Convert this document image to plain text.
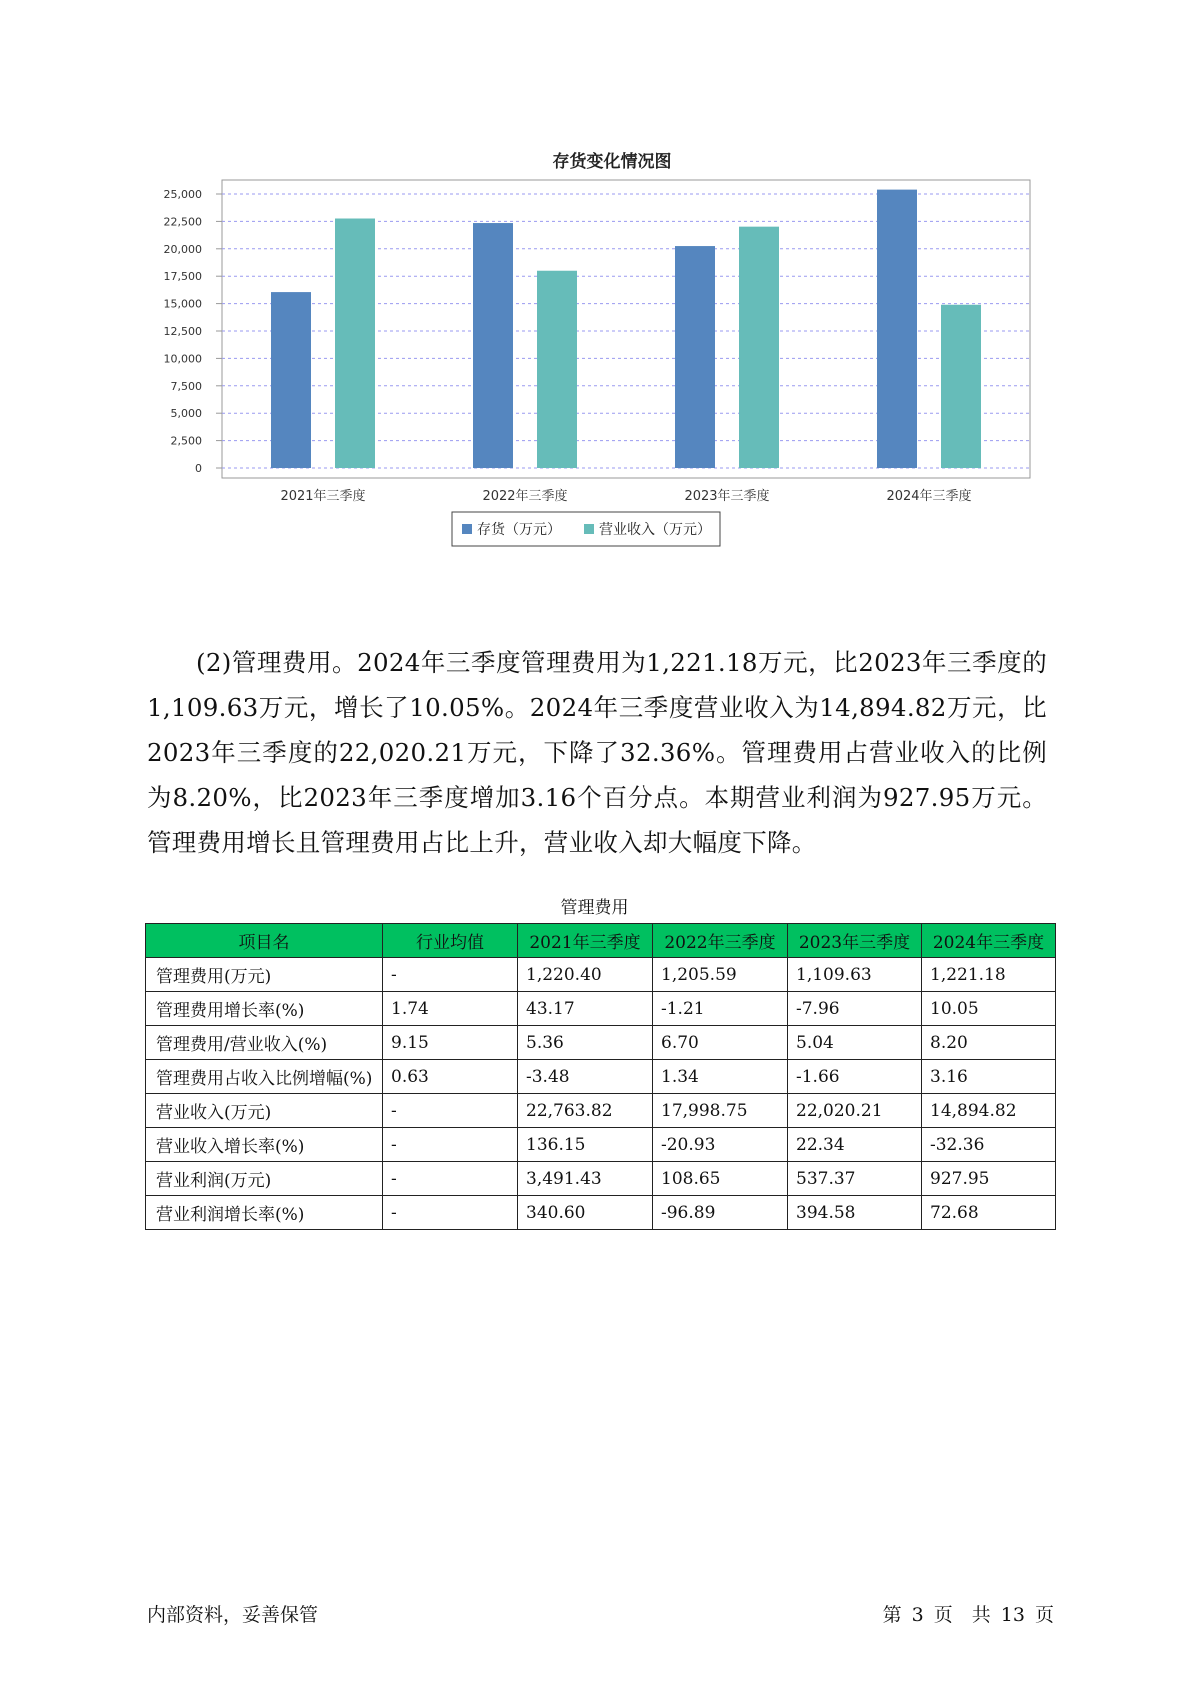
存货变化情况图
0
2,500
5,000
7,500
10,000
12,500
15,000
17,500
20,000
22,500
25,000
2021年三季度	2022年三季度	2023年三季度	2024年三季度
存货（万元）	营业收入（万元）

(2)管理费用。2024年三季度管理费用为1,221.18万元，比2023年三季度的1,109.63万元，增长了10.05%。2024年三季度营业收入为14,894.82万元，比2023年三季度的22,020.21万元，下降了32.36%。管理费用占营业收入的比例为8.20%，比2023年三季度增加3.16个百分点。本期营业利润为927.95万元。管理费用增长且管理费用占比上升，营业收入却大幅度下降。

管理费用
项目名	行业均值	2021年三季度	2022年三季度	2023年三季度	2024年三季度
管理费用(万元)	-	1,220.40	1,205.59	1,109.63	1,221.18
管理费用增长率(%)	1.74	43.17	-1.21	-7.96	10.05
管理费用/营业收入(%)	9.15	5.36	6.70	5.04	8.20
管理费用占收入比例增幅(%)	0.63	-3.48	1.34	-1.66	3.16
营业收入(万元)	-	22,763.82	17,998.75	22,020.21	14,894.82
营业收入增长率(%)	-	136.15	-20.93	22.34	-32.36
营业利润(万元)	-	3,491.43	108.65	537.37	927.95
营业利润增长率(%)	-	340.60	-96.89	394.58	72.68
内部资料，妥善保管	第 3 页　共 13 页
